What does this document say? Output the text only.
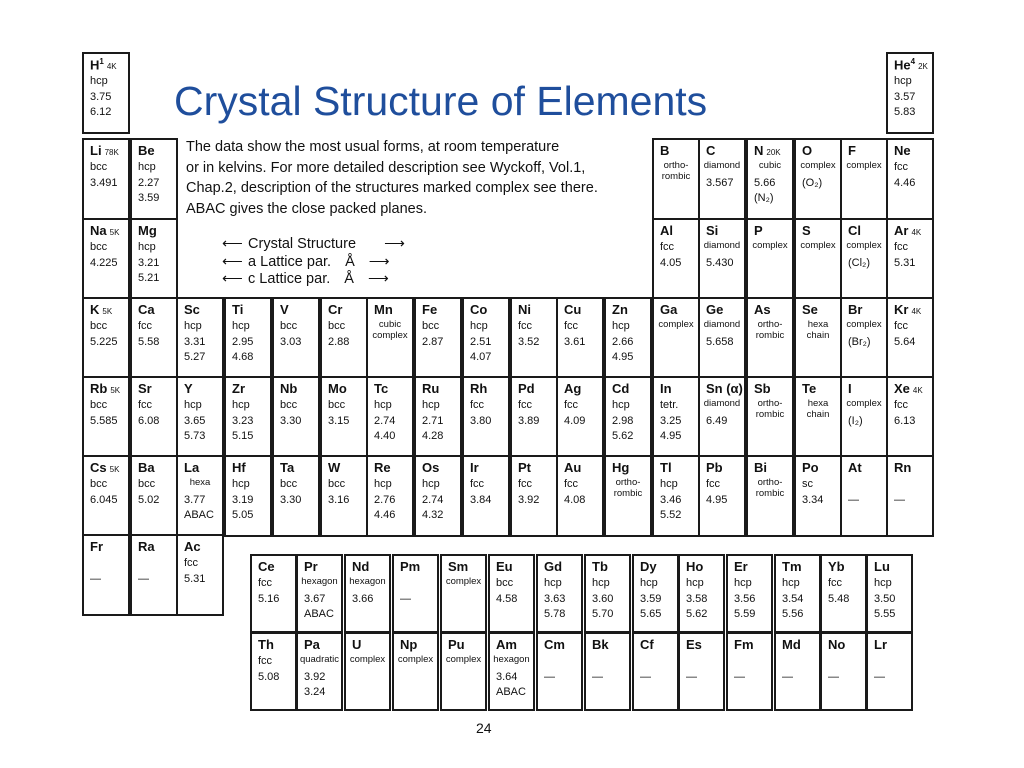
$H^14K$
hcp
3.75
6.12
He$^4$2K
hcp
3.57
5.83
Li 78K
bcc
3.491
Be
hcp
2.27
3.59
B
ortho-
rombic
C

3.567
diamond
N 20K

5.66
(N₂)
cubic
O

(O₂)
complex
F
complex
Ne
fcc
4.46
Na 5K
bcc
4.225
Mg
hcp
3.21
5.21
Al
fcc
4.05
Si

5.430
diamond
P
complex
S
complex
Cl

(Cl₂)
complex
Ar 4K
fcc
5.31
K 5K
bcc
5.225
Ca
fcc
5.58
Sc
hcp
3.31
5.27
Ti
hcp
2.95
4.68
V
bcc
3.03
Cr
bcc
2.88
Mn
cubic
complex
Fe
bcc
2.87
Co
hcp
2.51
4.07
Ni
fcc
3.52
Cu
fcc
3.61
Zn
hcp
2.66
4.95
Ga
complex
Ge

5.658
diamond
As
ortho-
rombic
Se
hexa
chain
Br

(Br₂)
complex
Kr 4K
fcc
5.64
Rb 5K
bcc
5.585
Sr
fcc
6.08
Y
hcp
3.65
5.73
Zr
hcp
3.23
5.15
Nb
bcc
3.30
Mo
bcc
3.15
Tc
hcp
2.74
4.40
Ru
hcp
2.71
4.28
Rh
fcc
3.80
Pd
fcc
3.89
Ag
fcc
4.09
Cd
hcp
2.98
5.62
In
tetr.
3.25
4.95
Sn (α)

6.49
diamond
Sb
ortho-
rombic
Te
hexa
chain
I

(I₂)
complex
Xe 4K
fcc
6.13
Cs 5K
bcc
6.045
Ba
bcc
5.02
La

3.77
ABAC
hexa
Hf
hcp
3.19
5.05
Ta
bcc
3.30
W
bcc
3.16
Re
hcp
2.76
4.46
Os
hcp
2.74
4.32
Ir
fcc
3.84
Pt
fcc
3.92
Au
fcc
4.08
Hg
ortho-
rombic
Tl
hcp
3.46
5.52
Pb
fcc
4.95
Bi
ortho-
rombic
Po
sc
3.34
At

—
Rn

—
Fr

—
Ra

—
Ac
fcc
5.31
Ce
fcc
5.16
Pr

3.67
ABAC
hexagon
Nd

3.66
hexagon
Pm

—
Sm
complex
Eu
bcc
4.58
Gd
hcp
3.63
5.78
Tb
hcp
3.60
5.70
Dy
hcp
3.59
5.65
Ho
hcp
3.58
5.62
Er
hcp
3.56
5.59
Tm
hcp
3.54
5.56
Yb
fcc
5.48
Lu
hcp
3.50
5.55
Th
fcc
5.08
Pa

3.92
3.24
quadratic
U
complex
Np
complex
Pu
complex
Am

3.64
ABAC
hexagon
Cm

—
Bk

—
Cf

—
Es

—
Fm

—
Md

—
No

—
Lr

—
Crystal Structure of Elements
The data show the most usual forms, at room temperature
or in kelvins. For more detailed description see Wyckoff, Vol.1,
Chap.2, description of the structures marked complex see there.
ABAC gives the close packed planes.
⟵ Crystal Structure ⟶
⟵ a Lattice par. Å ⟶
⟵ c Lattice par. Å ⟶
24
